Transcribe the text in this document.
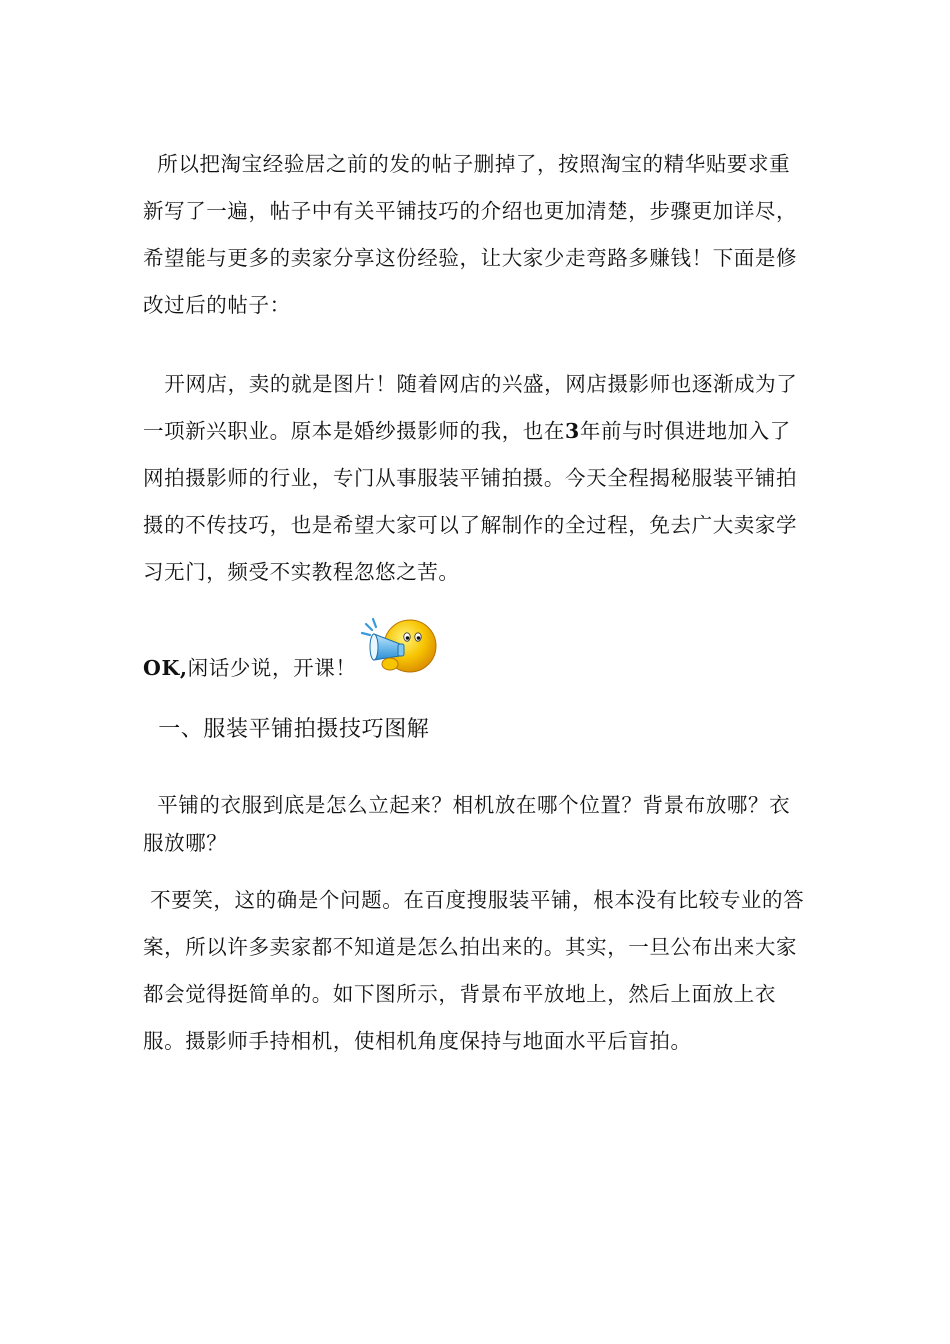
所以把淘宝经验居之前的发的帖子删掉了，按照淘宝的精华贴要求重新写了一遍，帖子中有关平铺技巧的介绍也更加清楚，步骤更加详尽，希望能与更多的卖家分享这份经验，让大家少走弯路多赚钱！下面是修改过后的帖子：

开网店，卖的就是图片！随着网店的兴盛，网店摄影师也逐渐成为了一项新兴职业。原本是婚纱摄影师的我，也在3年前与时俱进地加入了网拍摄影师的行业，专门从事服装平铺拍摄。今天全程揭秘服装平铺拍摄的不传技巧，也是希望大家可以了解制作的全过程，免去广大卖家学习无门，频受不实教程忽悠之苦。

OK,闲话少说，开课！

一、服装平铺拍摄技巧图解

平铺的衣服到底是怎么立起来？相机放在哪个位置？背景布放哪？衣服放哪？

不要笑，这的确是个问题。在百度搜服装平铺，根本没有比较专业的答案，所以许多卖家都不知道是怎么拍出来的。其实，一旦公布出来大家都会觉得挺简单的。如下图所示，背景布平放地上，然后上面放上衣服。摄影师手持相机，使相机角度保持与地面水平后盲拍。
